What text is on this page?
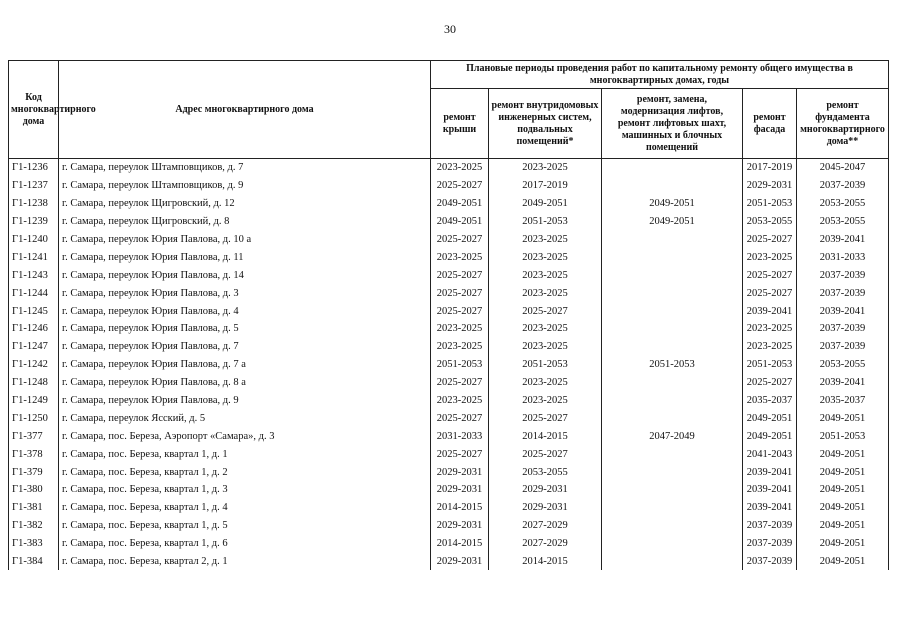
30
Код многоквартирного дома	Адрес многоквартирного дома	Плановые периоды проведения работ по капитальному ремонту общего имущества в многоквартирных домах, годы				
		ремонт крыши	ремонт внутридомовых инженерных систем, подвальных помещений*	ремонт, замена, модернизация лифтов, ремонт лифтовых шахт, машинных и блочных помещений	ремонт фасада	ремонт фундамента многоквартирного дома**
Г1-1236	г. Самара, переулок Штамповщиков, д. 7	2023-2025	2023-2025		2017-2019	2045-2047
Г1-1237	г. Самара, переулок Штамповщиков, д. 9	2025-2027	2017-2019		2029-2031	2037-2039
Г1-1238	г. Самара, переулок Щигровский, д. 12	2049-2051	2049-2051	2049-2051	2051-2053	2053-2055
Г1-1239	г. Самара, переулок Щигровский, д. 8	2049-2051	2051-2053	2049-2051	2053-2055	2053-2055
Г1-1240	г. Самара, переулок Юрия Павлова, д. 10 а	2025-2027	2023-2025		2025-2027	2039-2041
Г1-1241	г. Самара, переулок Юрия Павлова, д. 11	2023-2025	2023-2025		2023-2025	2031-2033
Г1-1243	г. Самара, переулок Юрия Павлова, д. 14	2025-2027	2023-2025		2025-2027	2037-2039
Г1-1244	г. Самара, переулок Юрия Павлова, д. 3	2025-2027	2023-2025		2025-2027	2037-2039
Г1-1245	г. Самара, переулок Юрия Павлова, д. 4	2025-2027	2025-2027		2039-2041	2039-2041
Г1-1246	г. Самара, переулок Юрия Павлова, д. 5	2023-2025	2023-2025		2023-2025	2037-2039
Г1-1247	г. Самара, переулок Юрия Павлова, д. 7	2023-2025	2023-2025		2023-2025	2037-2039
Г1-1242	г. Самара, переулок Юрия Павлова, д. 7 а	2051-2053	2051-2053	2051-2053	2051-2053	2053-2055
Г1-1248	г. Самара, переулок Юрия Павлова, д. 8 а	2025-2027	2023-2025		2025-2027	2039-2041
Г1-1249	г. Самара, переулок Юрия Павлова, д. 9	2023-2025	2023-2025		2035-2037	2035-2037
Г1-1250	г. Самара, переулок Ясский, д. 5	2025-2027	2025-2027		2049-2051	2049-2051
Г1-377	г. Самара, пос. Береза, Аэропорт «Самара», д. 3	2031-2033	2014-2015	2047-2049	2049-2051	2051-2053
Г1-378	г. Самара, пос. Береза, квартал 1, д. 1	2025-2027	2025-2027		2041-2043	2049-2051
Г1-379	г. Самара, пос. Береза, квартал 1, д. 2	2029-2031	2053-2055		2039-2041	2049-2051
Г1-380	г. Самара, пос. Береза, квартал 1, д. 3	2029-2031	2029-2031		2039-2041	2049-2051
Г1-381	г. Самара, пос. Береза, квартал 1, д. 4	2014-2015	2029-2031		2039-2041	2049-2051
Г1-382	г. Самара, пос. Береза, квартал 1, д. 5	2029-2031	2027-2029		2037-2039	2049-2051
Г1-383	г. Самара, пос. Береза, квартал 1, д. 6	2014-2015	2027-2029		2037-2039	2049-2051
Г1-384	г. Самара, пос. Береза, квартал 2, д. 1	2029-2031	2014-2015		2037-2039	2049-2051
